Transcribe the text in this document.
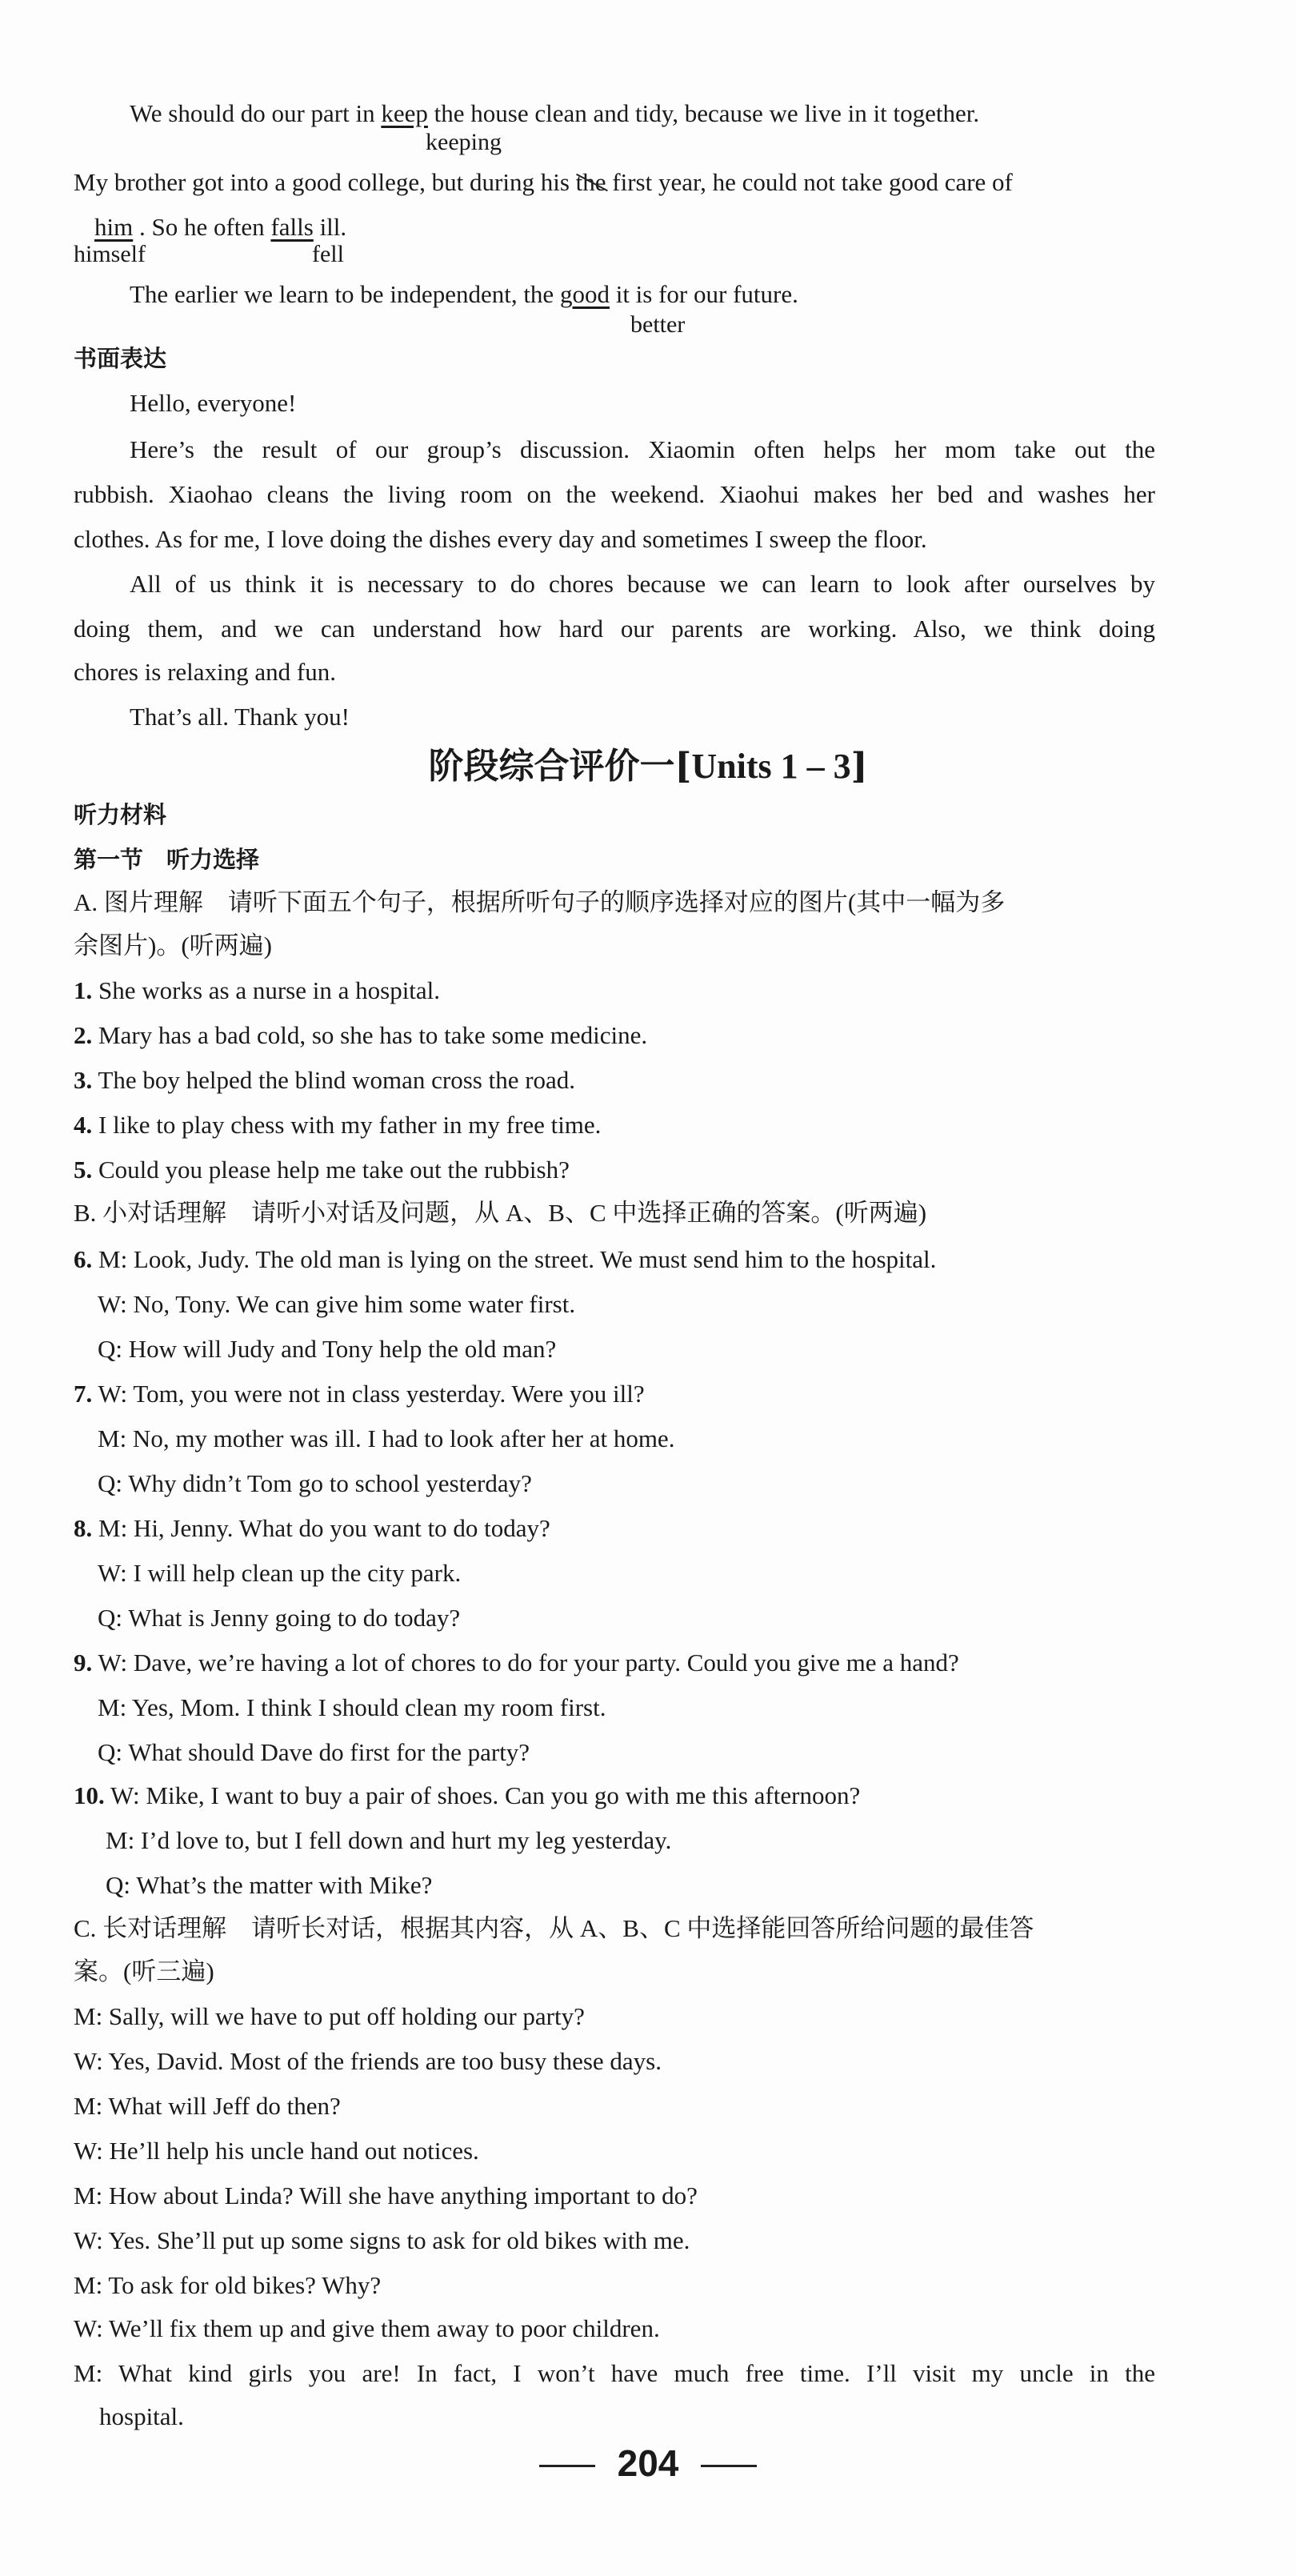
We should do our part in keep the house clean and tidy, because we live in it together.
keeping
My brother got into a good college, but during his the first year, he could not take good care of
him . So he often falls ill.
himself	fell
The earlier we learn to be independent, the good it is for our future.
better
书面表达
Hello, everyone!
Here’s the result of our group’s discussion. Xiaomin often helps her mom take out the
rubbish. Xiaohao cleans the living room on the weekend. Xiaohui makes her bed and washes her
clothes. As for me, I love doing the dishes every day and sometimes I sweep the floor.
All of us think it is necessary to do chores because we can learn to look after ourselves by
doing them, and we can understand how hard our parents are working. Also, we think doing
chores is relaxing and fun.
That’s all. Thank you!
阶段综合评价一[Units 1 – 3]
听力材料
第一节　听力选择
A. 图片理解　请听下面五个句子，根据所听句子的顺序选择对应的图片(其中一幅为多
余图片)。(听两遍)
1. She works as a nurse in a hospital.
2. Mary has a bad cold, so she has to take some medicine.
3. The boy helped the blind woman cross the road.
4. I like to play chess with my father in my free time.
5. Could you please help me take out the rubbish?
B. 小对话理解　请听小对话及问题，从 A、B、C 中选择正确的答案。(听两遍)
6. M: Look, Judy. The old man is lying on the street. We must send him to the hospital.
W: No, Tony. We can give him some water first.
Q: How will Judy and Tony help the old man?
7. W: Tom, you were not in class yesterday. Were you ill?
M: No, my mother was ill. I had to look after her at home.
Q: Why didn’t Tom go to school yesterday?
8. M: Hi, Jenny. What do you want to do today?
W: I will help clean up the city park.
Q: What is Jenny going to do today?
9. W: Dave, we’re having a lot of chores to do for your party. Could you give me a hand?
M: Yes, Mom. I think I should clean my room first.
Q: What should Dave do first for the party?
10. W: Mike, I want to buy a pair of shoes. Can you go with me this afternoon?
M: I’d love to, but I fell down and hurt my leg yesterday.
Q: What’s the matter with Mike?
C. 长对话理解　请听长对话，根据其内容，从 A、B、C 中选择能回答所给问题的最佳答
案。(听三遍)
M: Sally, will we have to put off holding our party?
W: Yes, David. Most of the friends are too busy these days.
M: What will Jeff do then?
W: He’ll help his uncle hand out notices.
M: How about Linda? Will she have anything important to do?
W: Yes. She’ll put up some signs to ask for old bikes with me.
M: To ask for old bikes? Why?
W: We’ll fix them up and give them away to poor children.
M: What kind girls you are! In fact, I won’t have much free time. I’ll visit my uncle in the
hospital.
204
